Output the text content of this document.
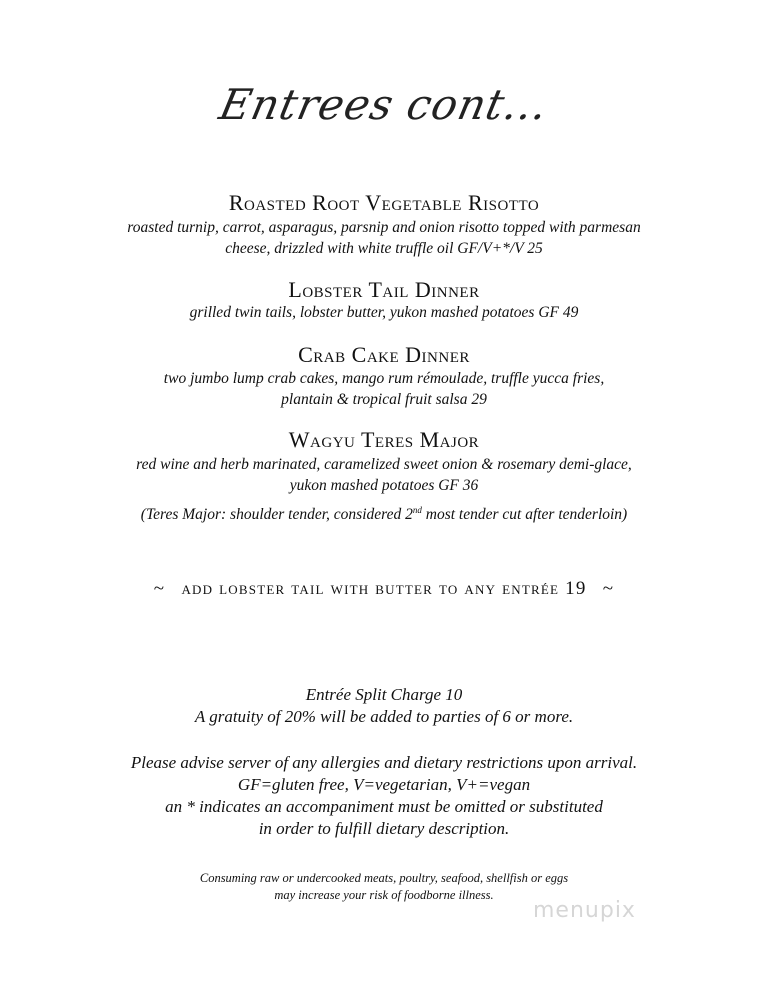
Entrees cont...
Roasted Root Vegetable Risotto
roasted turnip, carrot, asparagus, parsnip and onion risotto topped with parmesan
cheese, drizzled with white truffle oil GF/V+*/V 25
Lobster Tail Dinner
grilled twin tails, lobster butter, yukon mashed potatoes GF 49
Crab Cake Dinner
two jumbo lump crab cakes, mango rum rémoulade, truffle yucca fries,
plantain & tropical fruit salsa 29
Wagyu Teres Major
red wine and herb marinated, caramelized sweet onion & rosemary demi-glace,
yukon mashed potatoes GF 36
(Teres Major: shoulder tender, considered 2nd most tender cut after tenderloin)
~ add lobster tail with butter to any entrée 19 ~
Entrée Split Charge 10
A gratuity of 20% will be added to parties of 6 or more.
Please advise server of any allergies and dietary restrictions upon arrival.
GF=gluten free, V=vegetarian, V+=vegan
an * indicates an accompaniment must be omitted or substituted
in order to fulfill dietary description.
Consuming raw or undercooked meats, poultry, seafood, shellfish or eggs
may increase your risk of foodborne illness.
menupix
